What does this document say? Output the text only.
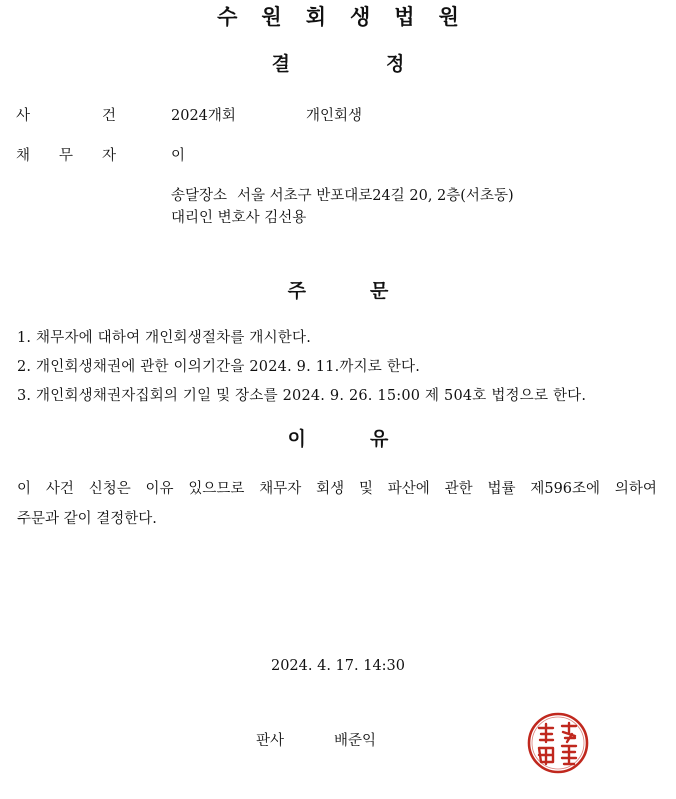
수원회생법원
결	정
사	건	2024개회	개인회생
채 무 자	이
송달장소 서울 서초구 반포대로24길 20, 2층(서초동)
대리인 변호사 김선용
주	문
1. 채무자에 대하여 개인회생절차를 개시한다.
2. 개인회생채권에 관한 이의기간을 2024. 9. 11.까지로 한다.
3. 개인회생채권자집회의 기일 및 장소를 2024. 9. 26. 15:00 제 504호 법정으로 한다.
이	유
이 사건 신청은 이유 있으므로 채무자 회생 및 파산에 관한 법률 제596조에 의하여
주문과 같이 결정한다.
2024. 4. 17. 14:30
판사	배준익
